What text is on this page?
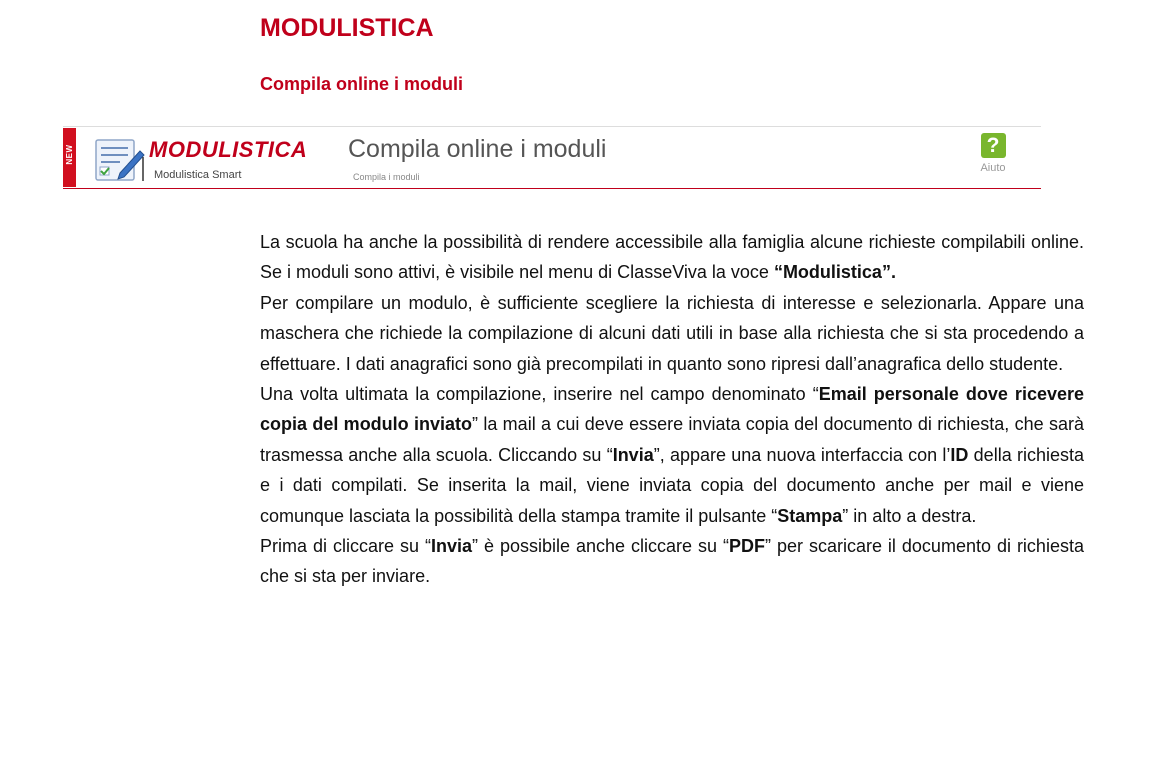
MODULISTICA
Compila online i moduli
NEW	MODULISTICA
Modulistica Smart
Compila online i moduli
Compila i moduli
?
Aiuto

La scuola ha anche la possibilità di rendere accessibile alla famiglia alcune richieste compilabili online. Se i moduli sono attivi, è visibile nel menu di ClasseViva la voce “Modulistica”.

Per compilare un modulo, è sufficiente scegliere la richiesta di interesse e selezionarla. Appare una maschera che richiede la compilazione di alcuni dati utili in base alla richiesta che si sta procedendo a effettuare. I dati anagrafici sono già precompilati in quanto sono ripresi dall’anagrafica dello studente.

Una volta ultimata la compilazione, inserire nel campo denominato “Email personale dove ricevere copia del modulo inviato” la mail a cui deve essere inviata copia del documento di richiesta, che sarà trasmessa anche alla scuola. Cliccando su “Invia”, appare una nuova interfaccia con l’ID della richiesta e i dati compilati. Se inserita la mail, viene inviata copia del documento anche per mail e viene comunque lasciata la possibilità della stampa tramite il pulsante “Stampa” in alto a destra.

Prima di cliccare su “Invia” è possibile anche cliccare su “PDF” per scaricare il documento di richiesta che si sta per inviare.
